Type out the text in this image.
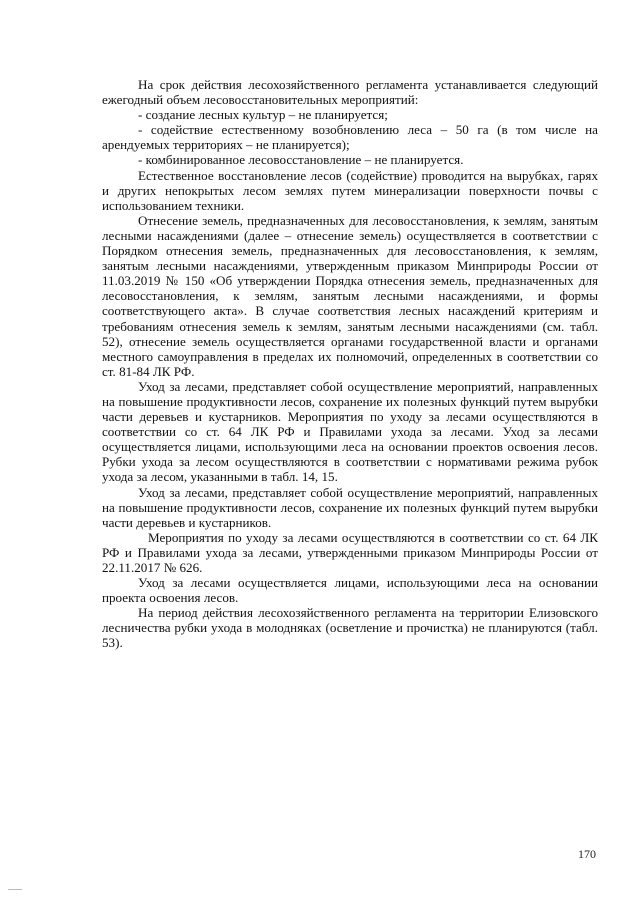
На срок действия лесохозяйственного регламента устанавливается следующий ежегодный объем лесовосстановительных мероприятий:

- создание лесных культур – не планируется;

- содействие естественному возобновлению леса – 50 га (в том числе на арендуемых территориях – не планируется);

- комбинированное лесовосстановление – не планируется.

Естественное восстановление лесов (содействие) проводится на вырубках, гарях и других непокрытых лесом землях путем минерализации поверхности почвы с использованием техники.

Отнесение земель, предназначенных для лесовосстановления, к землям, занятым лесными насаждениями (далее – отнесение земель) осуществляется в соответствии с Порядком отнесения земель, предназначенных для лесовосстановления, к землям, занятым лесными насаждениями, утвержденным приказом Минприроды России от 11.03.2019 № 150 «Об утверждении Порядка отнесения земель, предназначенных для лесовосстановления, к землям, занятым лесными насаждениями, и формы соответствующего акта». В случае соответствия лесных насаждений критериям и требованиям отнесения земель к землям, занятым лесными насаждениями (см. табл. 52), отнесение земель осуществляется органами государственной власти и органами местного самоуправления в пределах их полномочий, определенных в соответствии со ст. 81-84 ЛК РФ.

Уход за лесами, представляет собой осуществление мероприятий, направленных на повышение продуктивности лесов, сохранение их полезных функций путем вырубки части деревьев и кустарников. Мероприятия по уходу за лесами осуществляются в соответствии со ст. 64 ЛК РФ и Правилами ухода за лесами. Уход за лесами осуществляется лицами, использующими леса на основании проектов освоения лесов. Рубки ухода за лесом осуществляются в соответствии с нормативами режима рубок ухода за лесом, указанными в табл. 14, 15.

Уход за лесами, представляет собой осуществление мероприятий, направленных на повышение продуктивности лесов, сохранение их полезных функций путем вырубки части деревьев и кустарников.

Мероприятия по уходу за лесами осуществляются в соответствии со ст. 64 ЛК РФ и Правилами ухода за лесами, утвержденными приказом Минприроды России от 22.11.2017 № 626.

Уход за лесами осуществляется лицами, использующими леса на основании проекта освоения лесов.

На период действия лесохозяйственного регламента на территории Елизовского лесничества рубки ухода в молодняках (осветление и прочистка) не планируются (табл. 53).

170
